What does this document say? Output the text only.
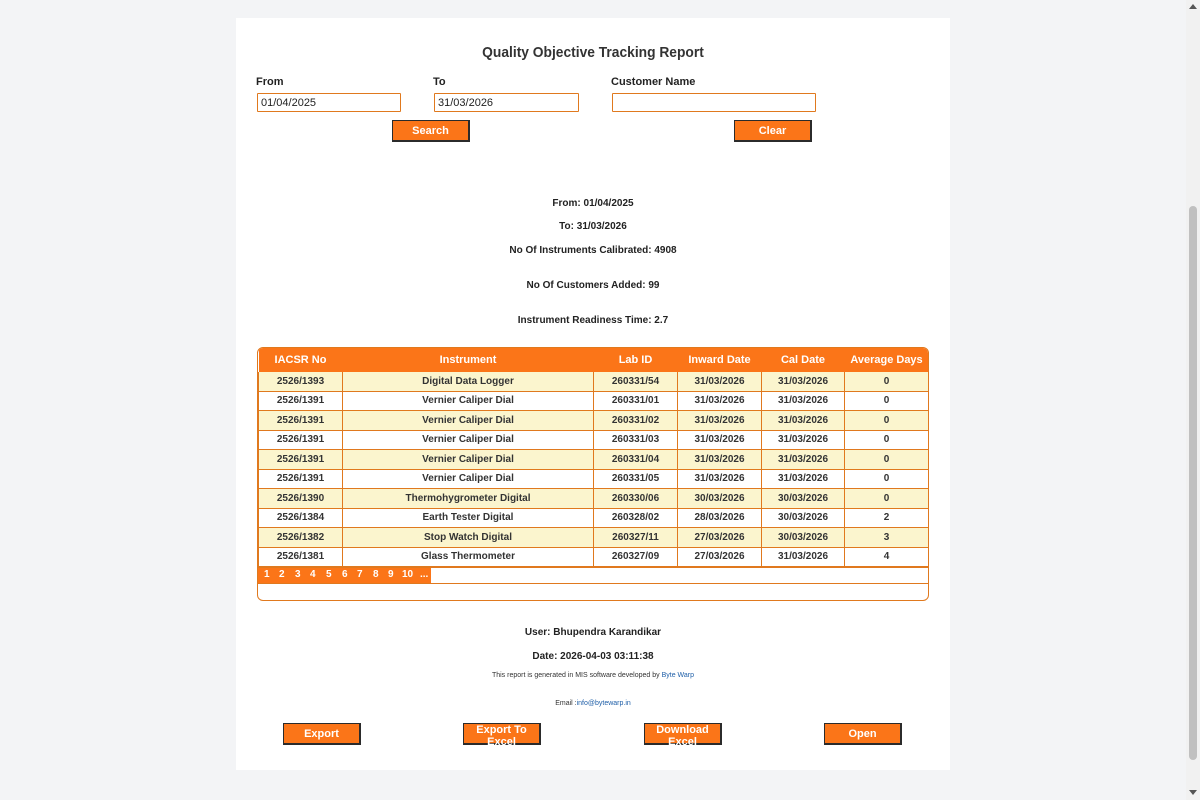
Quality Objective Tracking Report
From
01/04/2025	To
31/03/2026	Customer Name
Search	Clear
From: 01/04/2025
To: 31/03/2026
No Of Instruments Calibrated: 4908
No Of Customers Added: 99
Instrument Readiness Time: 2.7
User: Bhupendra Karandikar
Date: 2026-04-03 03:11:38
This report is generated in MIS software developed by Byte Warp
Email :info@bytewarp.in
Export	Export To Excel
Download Excel
Open
IACSR No	Instrument	Lab ID	Inward Date	Cal Date	Average Days
2526/1393	Digital Data Logger	260331/54	31/03/2026	31/03/2026	0
2526/1391	Vernier Caliper Dial	260331/01	31/03/2026	31/03/2026	0
2526/1391	Vernier Caliper Dial	260331/02	31/03/2026	31/03/2026	0
2526/1391	Vernier Caliper Dial	260331/03	31/03/2026	31/03/2026	0
2526/1391	Vernier Caliper Dial	260331/04	31/03/2026	31/03/2026	0
2526/1391	Vernier Caliper Dial	260331/05	31/03/2026	31/03/2026	0
2526/1390	Thermohygrometer Digital	260330/06	30/03/2026	30/03/2026	0
2526/1384	Earth Tester Digital	260328/02	28/03/2026	30/03/2026	2
2526/1382	Stop Watch Digital	260327/11	27/03/2026	30/03/2026	3
2526/1381	Glass Thermometer	260327/09	27/03/2026	31/03/2026	4
1 2 3 4 5 6 7 8 9 10 ...
